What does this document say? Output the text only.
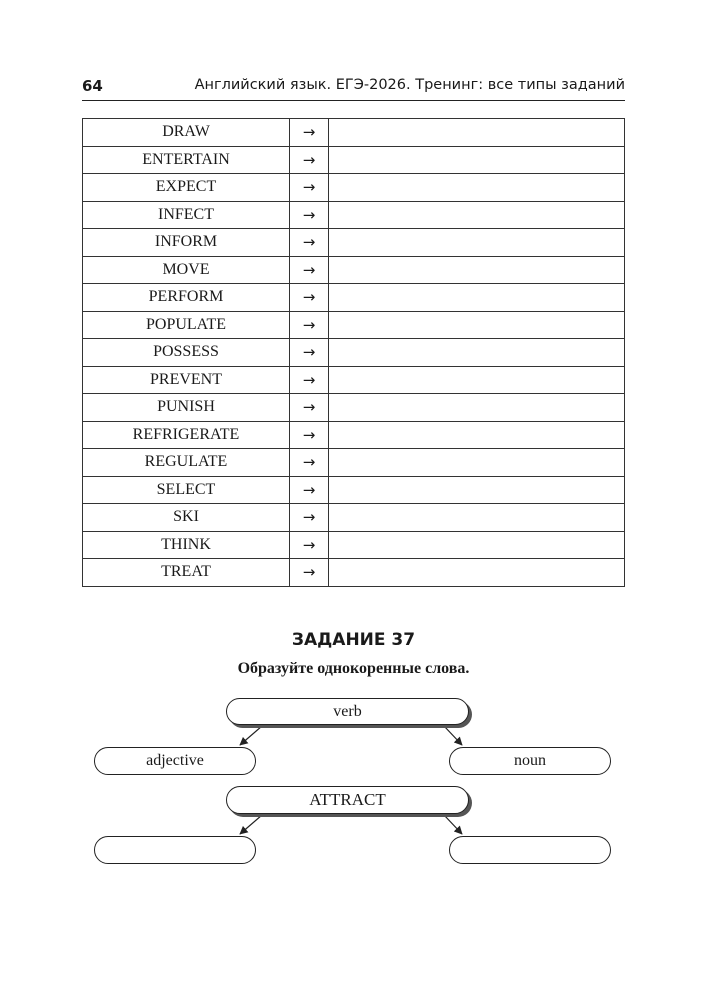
64	Английский язык. ЕГЭ-2026. Тренинг: все типы заданий
DRAW	→	
ENTERTAIN	→	
EXPECT	→	
INFECT	→	
INFORM	→	
MOVE	→	
PERFORM	→	
POPULATE	→	
POSSESS	→	
PREVENT	→	
PUNISH	→	
REFRIGERATE	→	
REGULATE	→	
SELECT	→	
SKI	→	
THINK	→	
TREAT	→	
ЗАДАНИЕ 37
Образуйте однокоренные слова.
verb
adjective	noun
ATTRACT
